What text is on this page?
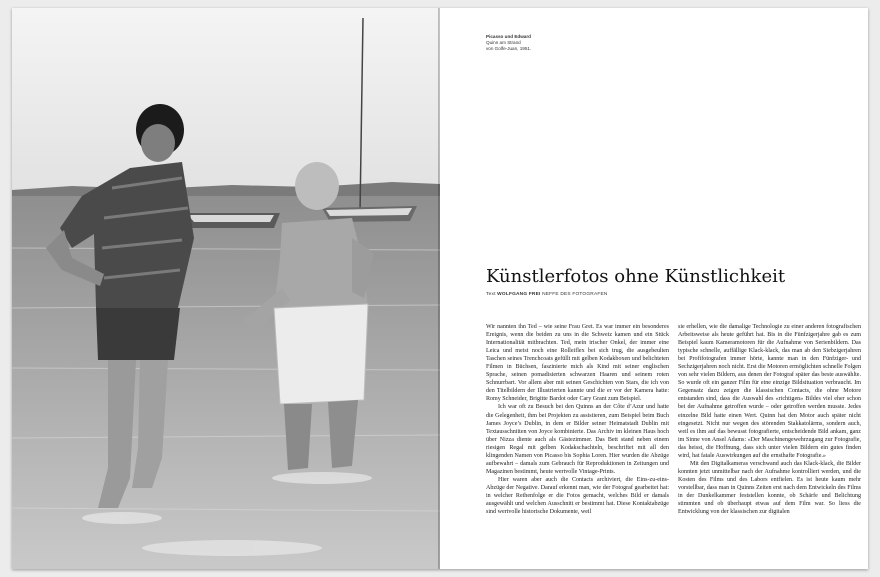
Picasso und Edward
Quinn am Strand
von Golfe-Juan, 1951.
Künstlerfotos ohne Künstlichkeit
Text WOLFGANG FREI NEFFE DES FOTOGRAFEN

Wir nannten ihn Ted – wie seine Frau Gret. Es war immer ein besonderes Ereignis, wenn die beiden zu uns in die Schweiz kamen und ein Stück Internationalität mitbrachten. Ted, mein irischer Onkel, der immer eine Leica und meist noch eine Rolleiflex bei sich trug, die ausgebeulten Taschen seines Trenchcoats gefüllt mit gelben Kodakboxen und belichteten Filmen in Büchsen, faszinierte mich als Kind mit seiner englischen Sprache, seinen pomadisierten schwarzen Haaren und seinem roten Schnurrbart. Vor allem aber mit seinen Geschichten von Stars, die ich von den Titelbildern der Illustrierten kannte und die er vor der Kamera hatte: Romy Schneider, Brigitte Bardot oder Cary Grant zum Beispiel.

Ich war oft zu Besuch bei den Quinns an der Côte d’Azur und hatte die Gelegenheit, ihm bei Projekten zu assistieren, zum Beispiel beim Buch James Joyce’s Dublin, in dem er Bilder seiner Heimatstadt Dublin mit Textausschnitten von Joyce kombinierte. Das Archiv im kleinen Haus hoch über Nizza diente auch als Gästezimmer. Das Bett stand neben einem riesigen Regal mit gelben Kodakschachteln, beschriftet mit all den klingenden Namen von Picasso bis Sophia Loren. Hier wurden die Abzüge aufbewahrt – damals zum Gebrauch für Reproduktionen in Zeitungen und Magazinen bestimmt, heute wertvolle Vintage-Prints.

Hier waren aber auch die Contacts archiviert, die Eins-zu-eins-Abzüge der Negative. Darauf erkennt man, wie der Fotograf gearbeitet hat: in welcher Reihenfolge er die Fotos gemacht, welches Bild er damals ausgewählt und welchen Ausschnitt er bestimmt hat. Diese Kontaktabzüge sind wertvolle historische Dokumente, weil

sie erhellen, wie die damalige Technologie zu einer anderen fotografischen Arbeitsweise als heute geführt hat. Bis in die Fünfzigerjahre gab es zum Beispiel kaum Kameramotoren für die Aufnahme von Serienbildern. Das typische schnelle, auffällige Klack-klack, das man ab den Siebzigerjahren bei Profifotografen immer hörte, kannte man in den Fünfziger- und Sechzigerjahren noch nicht. Erst die Motoren ermöglichten schnelle Folgen von sehr vielen Bildern, aus denen der Fotograf später das beste auswählte. So wurde oft ein ganzer Film für eine einzige Bildsituation verbraucht. Im Gegensatz dazu zeigen die klassischen Contacts, die ohne Motore entstanden sind, dass die Auswahl des «richtigen» Bildes viel eher schon bei der Aufnahme getroffen wurde – oder getroffen werden musste. Jedes einzelne Bild hatte einen Wert. Quinn hat den Motor auch später nicht eingesetzt. Nicht nur wegen des störenden Stakkatolärms, sondern auch, weil es ihm auf das bewusst fotografierte, entscheidende Bild ankam, ganz im Sinne von Ansel Adams: «Der Maschinengewehrzugang zur Fotografie, das heisst, die Hoffnung, dass sich unter vielen Bildern ein gutes finden wird, hat fatale Auswirkungen auf die ernsthafte Fotografie.»

Mit den Digitalkameras verschwand auch das Klack-klack, die Bilder konnten jetzt unmittelbar nach der Aufnahme kontrolliert werden, und die Kosten des Films und des Labors entfielen. Es ist heute kaum mehr vorstellbar, dass man in Quinns Zeiten erst nach dem Entwickeln des Films in der Dunkelkammer feststellen konnte, ob Schärfe und Belichtung stimmten und ob überhaupt etwas auf dem Film war. So liess die Entwicklung von der klassischen zur digitalen
